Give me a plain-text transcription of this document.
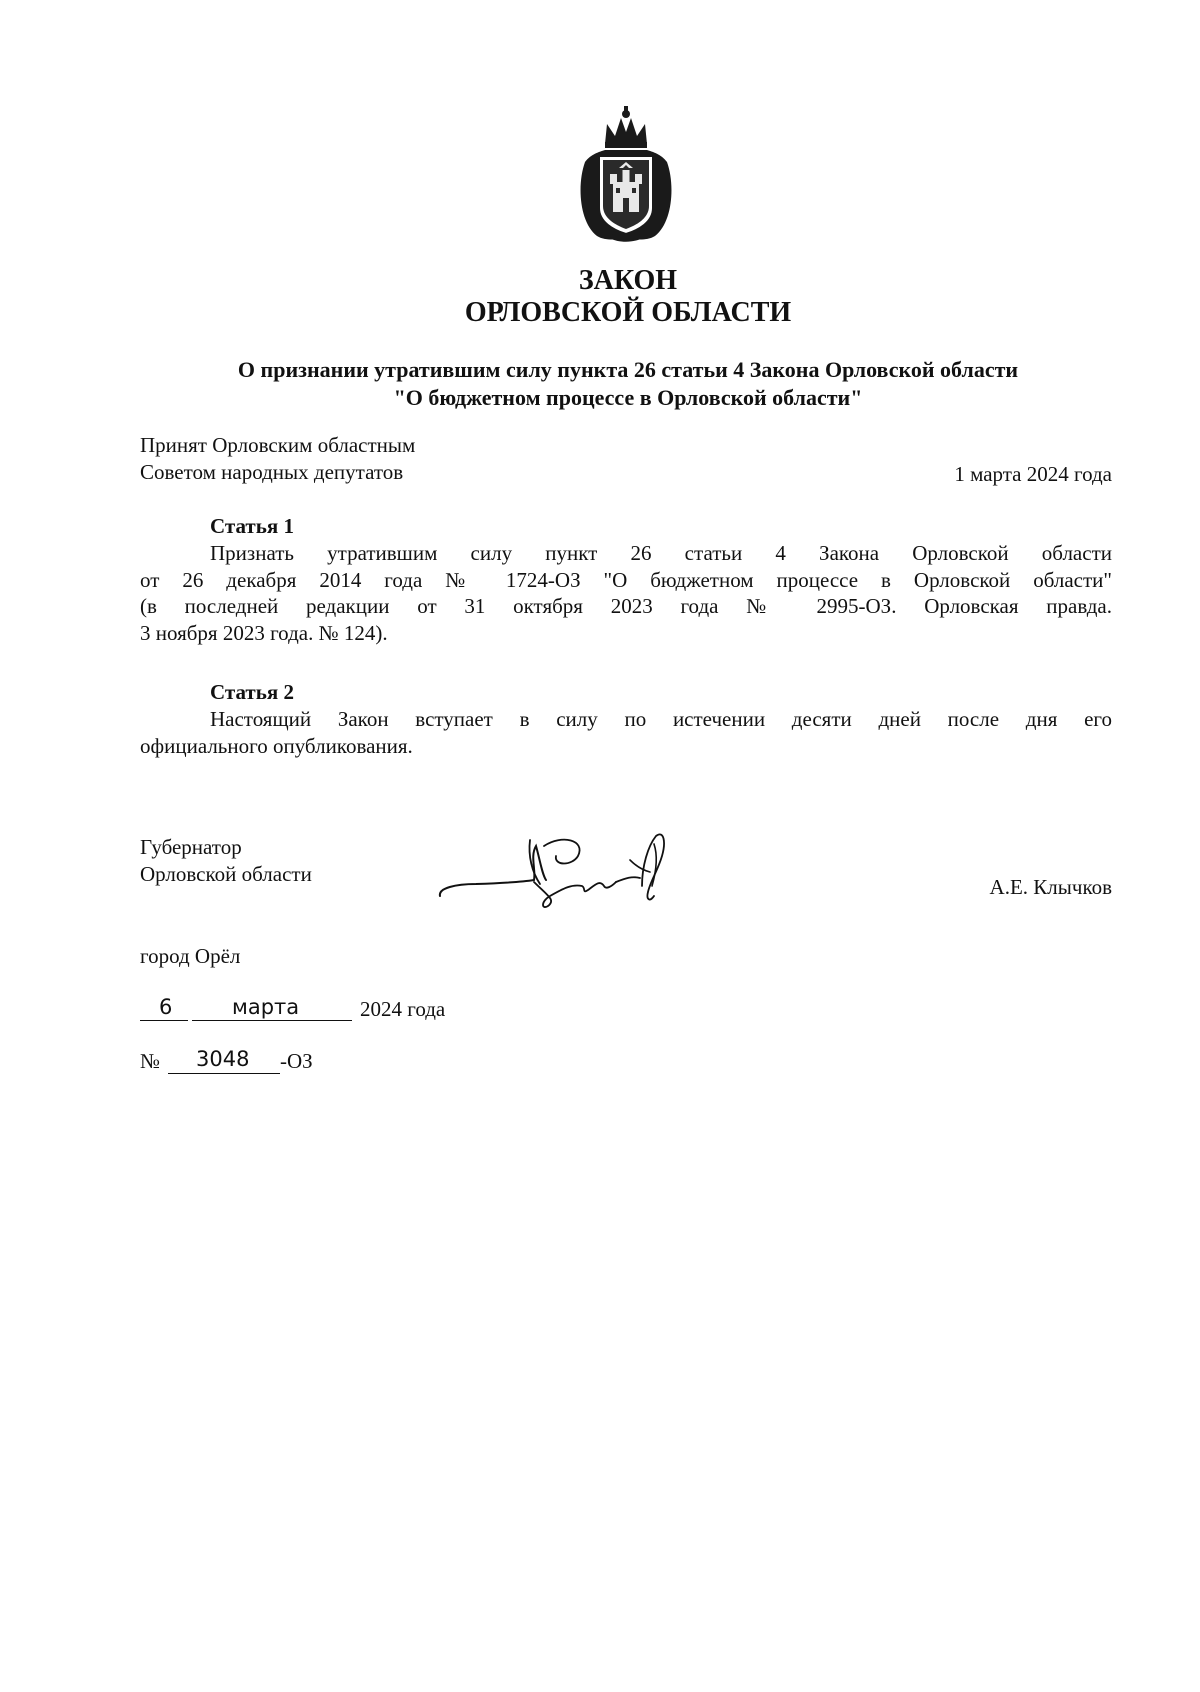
ЗАКОН
ОРЛОВСКОЙ ОБЛАСТИ
О признании утратившим силу пункта 26 статьи 4 Закона Орловской области
"О бюджетном процессе в Орловской области"
Принят Орловским областным
Советом народных депутатов	1 марта 2024 года
Статья 1
Признать утратившим силу пункт 26 статьи 4 Закона Орловской области
от 26 декабря 2014 года № 1724-ОЗ "О бюджетном процессе в Орловской области"
(в последней редакции от 31 октября 2023 года № 2995-ОЗ. Орловская правда.
3 ноября 2023 года. № 124).
Статья 2
Настоящий Закон вступает в силу по истечении десяти дней после дня его
официального опубликования.
Губернатор
Орловской области
А.Е. Клычков
город Орёл
6	марта	2024 года
№ 3048 -ОЗ
